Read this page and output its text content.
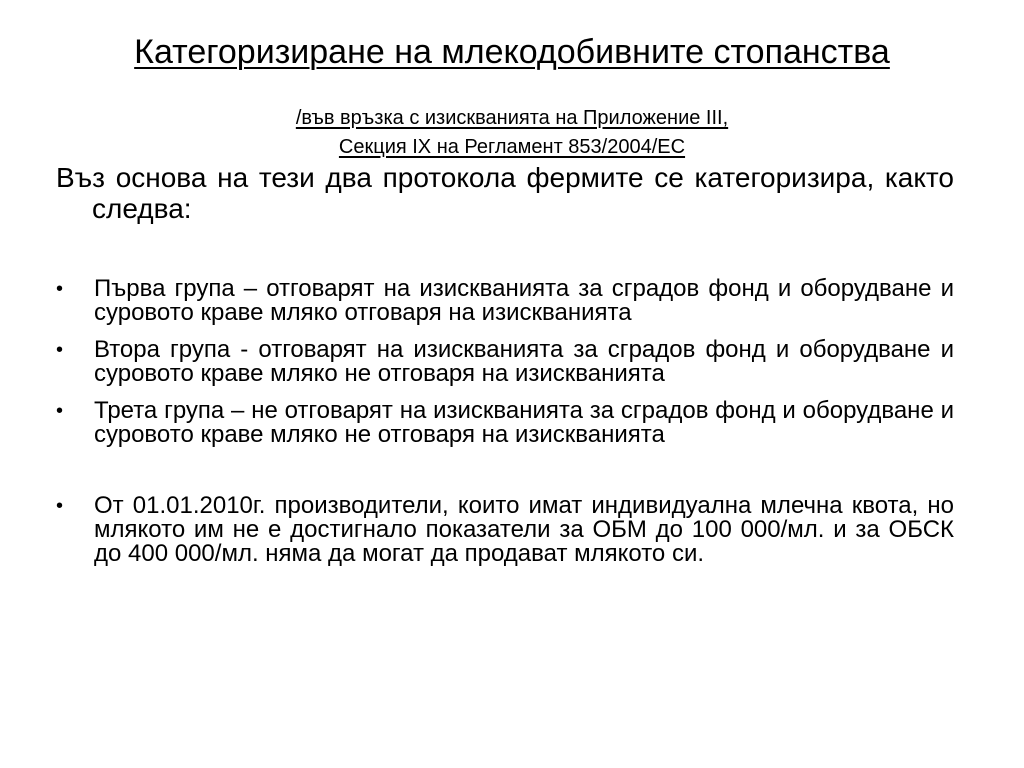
Категоризиране на млекодобивните стопанства
/във връзка с изискванията на Приложение III,
Секция IX на Регламент 853/2004/ЕС
Въз основа на тези два протокола фермите се категоризира, както следва:
•	Първа група – отговарят на изискванията за сградов фонд и оборудване и суровото краве мляко отговаря на изискванията
•	Втора група - отговарят на изискванията за сградов фонд и оборудване и суровото краве мляко не отговаря на изискванията
•	Трета група – не отговарят на изискванията за сградов фонд и оборудване и суровото краве мляко не отговаря на изискванията
•	От 01.01.2010г. производители, които имат индивидуална млечна квота, но млякото им не е достигнало показатели за ОБМ до 100 000/мл. и за ОБСК до 400 000/мл. няма да могат да продават млякото си.
